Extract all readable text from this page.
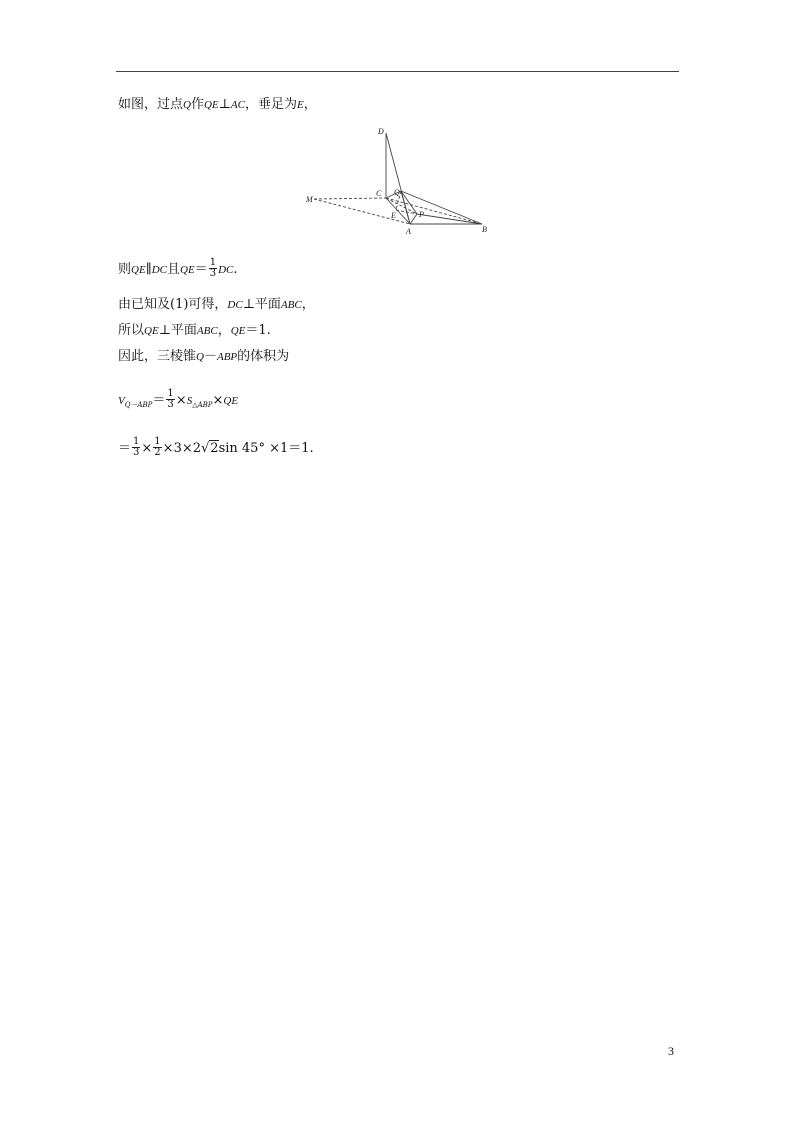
如图，过点Q作QE⊥AC，垂足为E，
D
C Q
M
E	P
A	B
则QE∥DC且$QE= \frac{1}{3}$ DC.
由已知及(1)可得，DC⊥平面ABC，
所以QE⊥平面ABC，QE＝1.
因此，三棱锥Q－ABP的体积为
$V_{Q-ABP}= \frac{1}{3} \times S_{\triangle ABP}\times QE$
＝ $\frac{1}{3} \times \frac{1}{2} \times 3\times 2√2\sin$ 45° ×1＝1.
3
